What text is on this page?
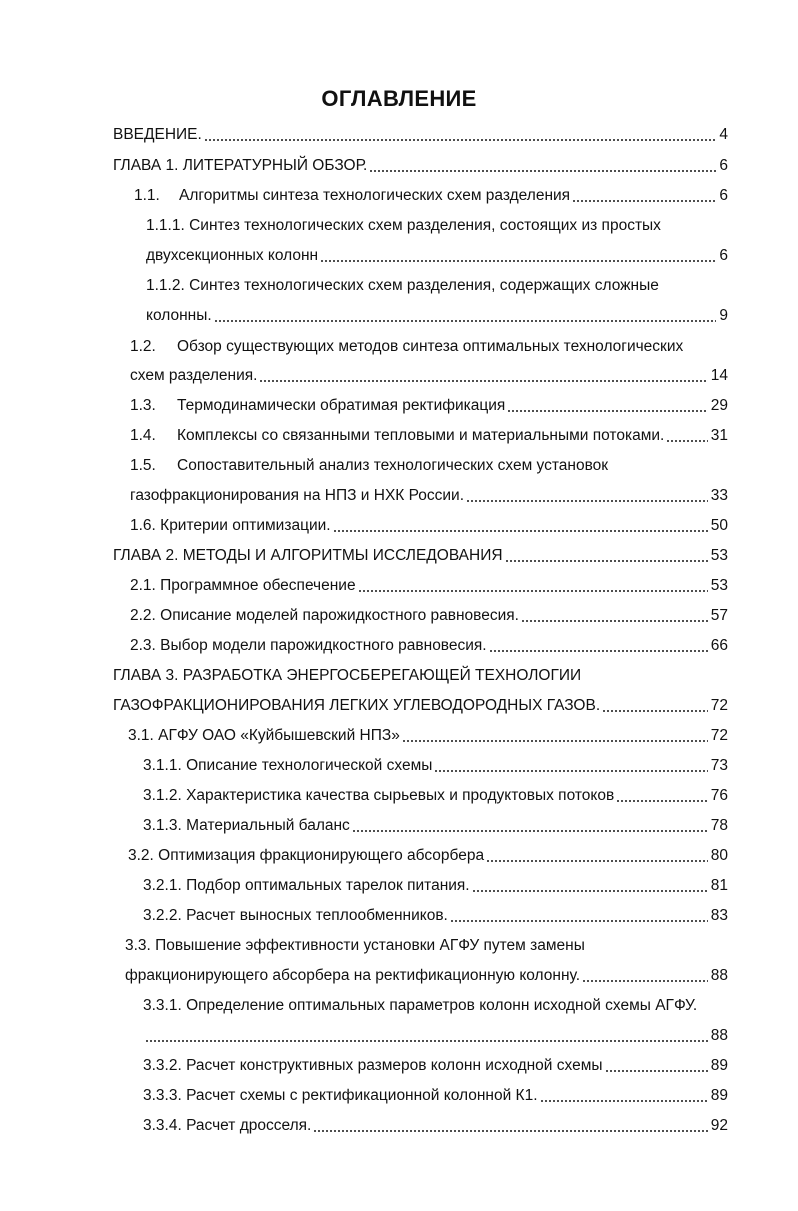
ОГЛАВЛЕНИЕ
ВВЕДЕНИЕ.	4
ГЛАВА 1. ЛИТЕРАТУРНЫЙ ОБЗОР.	6
1.1.	Алгоритмы синтеза технологических схем разделения	6
1.1.1. Синтез технологических схем разделения, состоящих из простых
двухсекционных колонн	6
1.1.2. Синтез технологических схем разделения, содержащих сложные
колонны.	9
1.2. Обзор существующих методов синтеза оптимальных технологических
схем разделения.	14
1.3.	Термодинамически обратимая ректификация	29
1.4.	Комплексы со связанными тепловыми и материальными потоками.	31
1.5. Сопоставительный анализ технологических схем установок
газофракционирования на НПЗ и НХК России.	33
1.6. Критерии оптимизации.	50
ГЛАВА 2. МЕТОДЫ И АЛГОРИТМЫ ИССЛЕДОВАНИЯ	53
2.1. Программное обеспечение	53
2.2. Описание моделей парожидкостного равновесия.	57
2.3. Выбор модели парожидкостного равновесия.	66
ГЛАВА 3. РАЗРАБОТКА ЭНЕРГОСБЕРЕГАЮЩЕЙ ТЕХНОЛОГИИ
ГАЗОФРАКЦИОНИРОВАНИЯ ЛЕГКИХ УГЛЕВОДОРОДНЫХ ГАЗОВ.	72
3.1. АГФУ ОАО «Куйбышевский НПЗ»	72
3.1.1. Описание технологической схемы	73
3.1.2. Характеристика качества сырьевых и продуктовых потоков	76
3.1.3. Материальный баланс	78
3.2. Оптимизация фракционирующего абсорбера	80
3.2.1. Подбор оптимальных тарелок питания.	81
3.2.2. Расчет выносных теплообменников.	83
3.3. Повышение эффективности установки АГФУ путем замены
фракционирующего абсорбера на ректификационную колонну.	88
3.3.1. Определение оптимальных параметров колонн исходной схемы АГФУ.
88
3.3.2. Расчет конструктивных размеров колонн исходной схемы	89
3.3.3. Расчет схемы с ректификационной колонной К1.	89
3.3.4. Расчет дросселя.	92
